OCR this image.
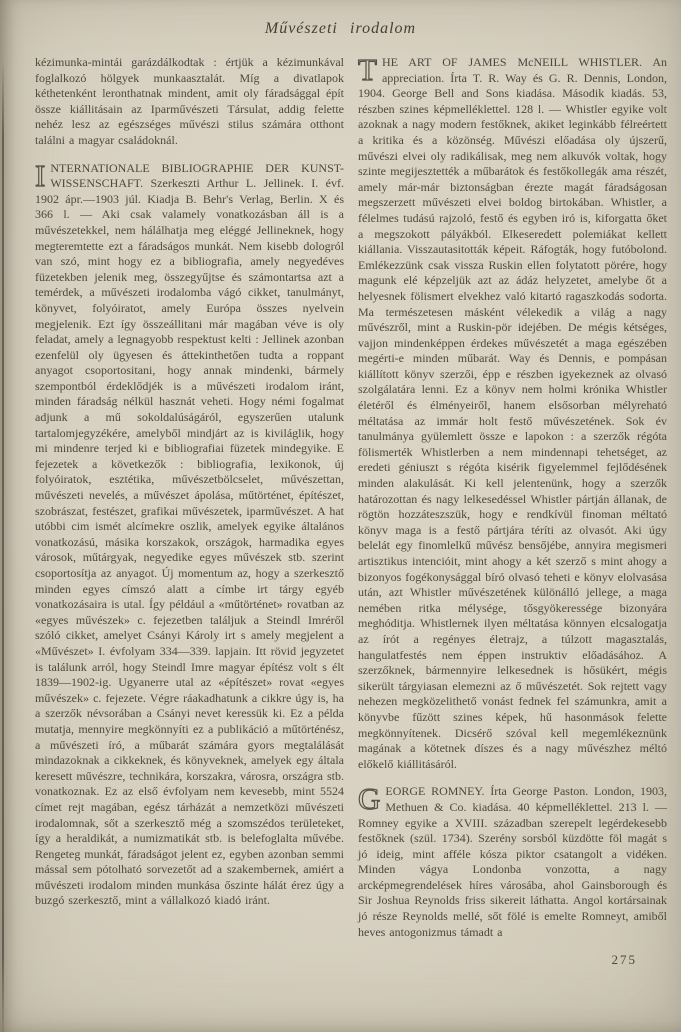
Művészeti irodalom

kézimunka-mintái garázdálkodtak : értjük a kézimunkával foglalkozó hölgyek munkaasztalát. Míg a divatlapok kéthetenként leronthatnak mindent, amit oly fáradsággal épít össze kiállitásain az Iparművészeti Társulat, addig felette nehéz lesz az egészséges művészi stilus számára otthont találni a magyar családoknál.

INTERNATIONALE BIBLIOGRAPHIE DER KUNST-WISSENSCHAFT. Szerkeszti Arthur L. Jellinek. I. évf. 1902 ápr.—1903 júl. Kiadja B. Behr's Verlag, Berlin. X és 366 l. — Aki csak valamely vonatkozásban áll is a művészetekkel, nem hálálhatja meg eléggé Jellineknek, hogy megteremtette ezt a fáradságos munkát. Nem kisebb dologról van szó, mint hogy ez a bibliografia, amely negyedéves füzetekben jelenik meg, összegyűjtse és számontartsa azt a temérdek, a művészeti irodalomba vágó cikket, tanulmányt, könyvet, folyóiratot, amely Európa összes nyelvein megjelenik. Ezt így összeállitani már magában véve is oly feladat, amely a legnagyobb respektust kelti : Jellinek azonban ezenfelül oly ügyesen és áttekinthetően tudta a roppant anyagot csoportositani, hogy annak mindenki, bármely szempontból érdeklődjék is a művészeti irodalom iránt, minden fáradság nélkül hasznát veheti. Hogy némi fogalmat adjunk a mű sokoldalúságáról, egyszerűen utalunk tartalomjegyzékére, amelyből mindjárt az is kiviláglik, hogy mi mindenre terjed ki e bibliografiai füzetek mindegyike. E fejezetek a következők : bibliografia, lexikonok, új folyóiratok, esztétika, művészetbölcselet, művészettan, művészeti nevelés, a művészet ápolása, műtörténet, építészet, szobrászat, festészet, grafikai művészetek, iparművészet. A hat utóbbi cim ismét alcímekre oszlik, amelyek egyike általános vonatkozású, másika korszakok, országok, harmadika egyes városok, műtárgyak, negyedike egyes művészek stb. szerint csoportosítja az anyagot. Új momentum az, hogy a szerkesztő minden egyes címszó alatt a címbe irt tárgy egyéb vonatkozásaira is utal. Így például a «műtörténet» rovatban az «egyes művészek» c. fejezetben találjuk a Steindl Imréről szóló cikket, amelyet Csányi Károly irt s amely megjelent a «Művészet» I. évfolyam 334—339. lapjain. Itt rövid jegyzetet is találunk arról, hogy Steindl Imre magyar építész volt s élt 1839—1902-ig. Ugyanerre utal az «építészet» rovat «egyes művészek» c. fejezete. Végre ráakadhatunk a cikkre úgy is, ha a szerzők névsorában a Csányi nevet keressük ki. Ez a példa mutatja, mennyire megkönnyíti ez a publikáció a műtörténész, a művészeti író, a műbarát számára gyors megtalálását mindazoknak a cikkeknek, és könyveknek, amelyek egy általa keresett művészre, technikára, korszakra, városra, országra stb. vonatkoznak. Ez az első évfolyam nem kevesebb, mint 5524 címet rejt magában, egész tárházát a nemzetközi művészeti irodalomnak, sőt a szerkesztő még a szomszédos területeket, így a heraldikát, a numizmatikát stb. is belefoglalta művébe. Rengeteg munkát, fáradságot jelent ez, egyben azonban semmi mással sem pótolható sorvezetőt ad a szakembernek, amiért a művészeti irodalom minden munkása őszinte hálát érez úgy a buzgó szerkesztő, mint a vállalkozó kiadó iránt.

THE ART OF JAMES McNEILL WHISTLER. An appreciation. Írta T. R. Way és G. R. Dennis, London, 1904. George Bell and Sons kiadása. Második kiadás. 53, részben szines képmelléklettel. 128 l. — Whistler egyike volt azoknak a nagy modern festőknek, akiket leginkább félreértett a kritika és a közönség. Művészi előadása oly újszerű, művészi elvei oly radikálisak, meg nem alkuvók voltak, hogy szinte megijesztették a műbarátok és festőkollegák ama részét, amely már-már biztonságban érezte magát fáradságosan megszerzett művészeti elvei boldog birtokában. Whistler, a félelmes tudású rajzoló, festő és egyben iró is, kiforgatta őket a megszokott pályákból. Elkeseredett polemiákat kellett kiállania. Visszautasitották képeit. Ráfogták, hogy futóbolond. Emlékezzünk csak vissza Ruskin ellen folytatott pörére, hogy magunk elé képzeljük azt az ádáz helyzetet, amelybe őt a helyesnek fölismert elvekhez való kitartó ragaszkodás sodorta. Ma természetesen másként vélekedik a világ a nagy művészről, mint a Ruskin-pör idejében. De mégis kétséges, vajjon mindenképpen érdekes művészetét a maga egészében megérti-e minden műbarát. Way és Dennis, e pompásan kiállított könyv szerzői, épp e részben igyekeznek az olvasó szolgálatára lenni. Ez a könyv nem holmi krónika Whistler életéről és élményeiről, hanem elsősorban mélyreható méltatása az immár holt festő művészetének. Sok év tanulmánya gyülemlett össze e lapokon : a szerzők régóta fölismerték Whistlerben a nem mindennapi tehetséget, az eredeti géniuszt s régóta kisérik figyelemmel fejlődésének minden alakulását. Ki kell jelentenünk, hogy a szerzők határozottan és nagy lelkesedéssel Whistler pártján állanak, de rögtön hozzáteszszük, hogy e rendkívül finoman méltató könyv maga is a festő pártjára téríti az olvasót. Aki úgy belelát egy finomlelkű művész bensőjébe, annyira megismeri artisztikus intencióit, mint ahogy a két szerző s mint ahogy a bizonyos fogékonysággal bíró olvasó teheti e könyv elolvasása után, azt Whistler művészetének különálló jellege, a maga nemében ritka mélysége, tősgyökeressége bizonyára meghóditja. Whistlernek ilyen méltatása könnyen elcsalogatja az írót a regényes életrajz, a túlzott magasztalás, hangulatfestés nem éppen instruktiv előadásához. A szerzőknek, bármennyire lelkesednek is hősükért, mégis sikerült tárgyiasan elemezni az ő művészetét. Sok rejtett vagy nehezen megközelithető vonást fednek fel számunkra, amit a könyvbe fűzött szines képek, hű hasonmások felette megkönnyítenek. Dicsérő szóval kell megemlékeznünk magának a kötetnek díszes és a nagy művészhez méltó előkelő kiállitásáról.

GEORGE ROMNEY. Írta George Paston. London, 1903, Methuen & Co. kiadása. 40 képmelléklettel. 213 l. — Romney egyike a XVIII. században szerepelt legérdekesebb festőknek (szül. 1734). Szerény sorsból küzdötte föl magát s jó ideig, mint afféle kósza piktor csatangolt a vidéken. Minden vágya Londonba vonzotta, a nagy arcképmegrendelések híres városába, ahol Gainsborough és Sir Joshua Reynolds friss sikereit láthatta. Angol kortársainak jó része Reynolds mellé, sőt fölé is emelte Romneyt, amiből heves antogonizmus támadt a

275
